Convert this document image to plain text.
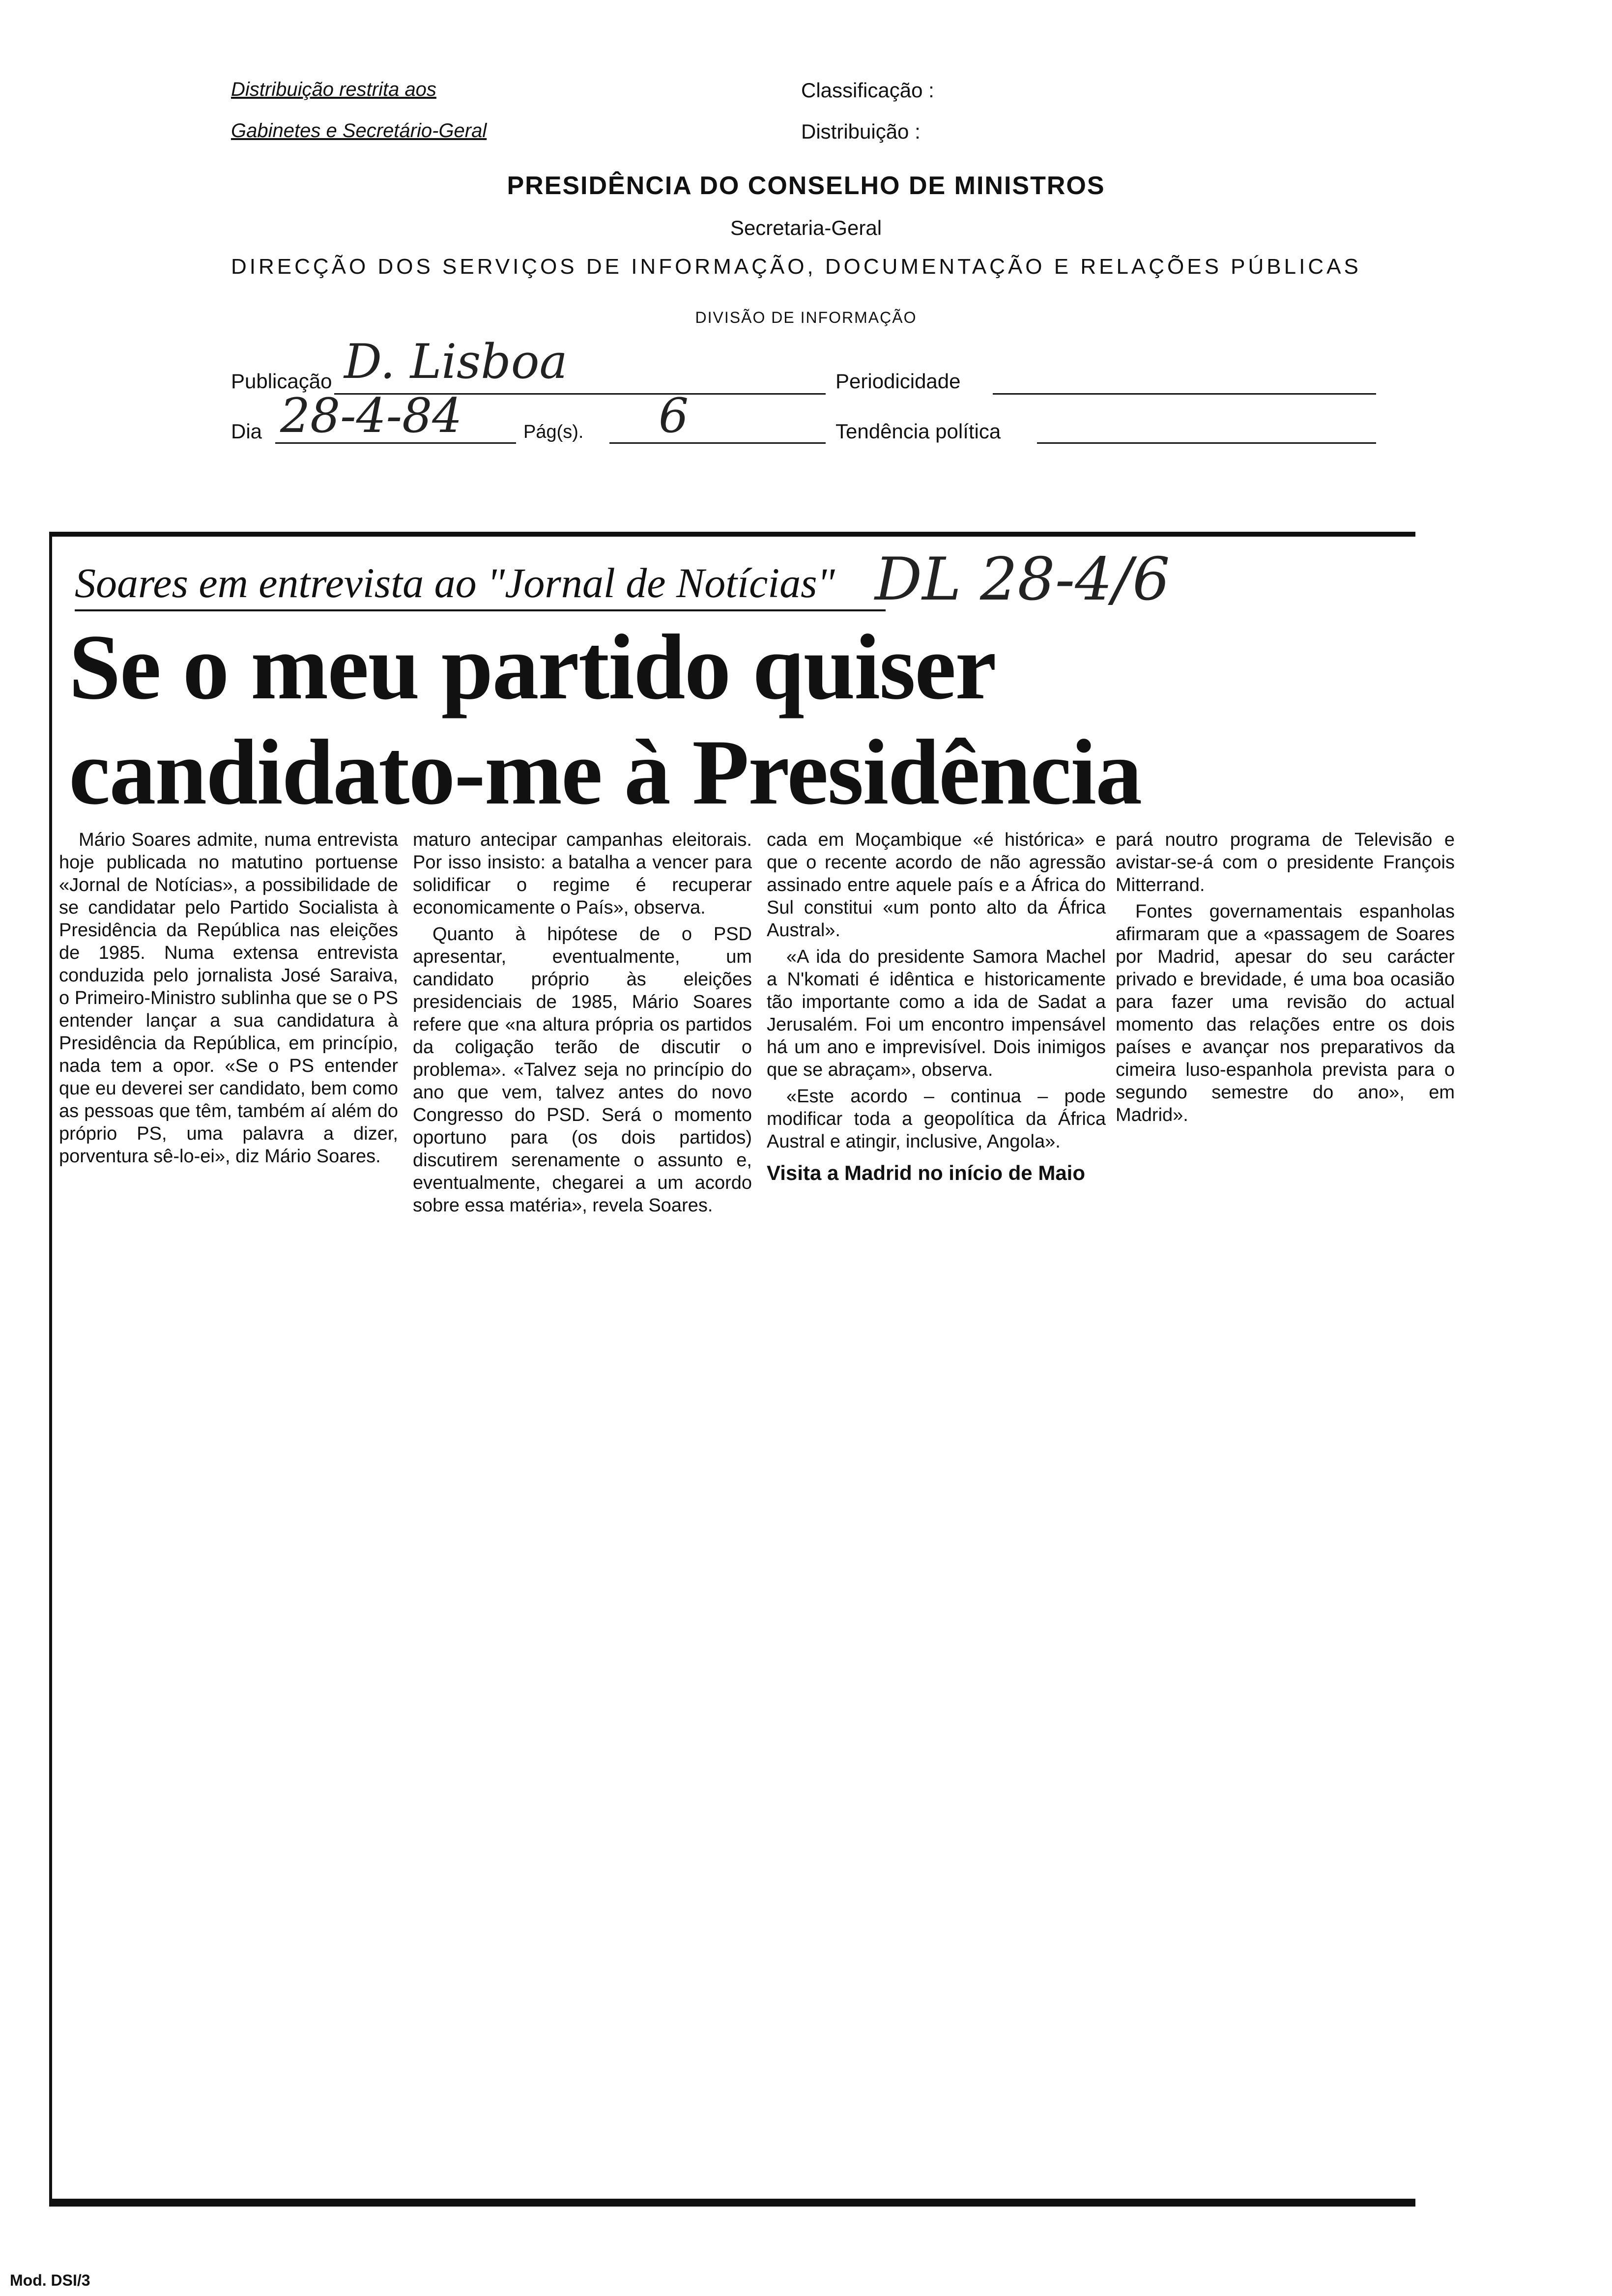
Distribuição restrita aos
Gabinetes e Secretário-Geral
Classificação :
Distribuição :
PRESIDÊNCIA DO CONSELHO DE MINISTROS
Secretaria-Geral
DIRECÇÃO DOS SERVIÇOS DE INFORMAÇÃO, DOCUMENTAÇÃO E RELAÇÕES PÚBLICAS
DIVISÃO DE INFORMAÇÃO
Publicação D. Lisboa	Periodicidade
Dia 28-4-84	Pág(s). 6	Tendência política
Soares em entrevista ao "Jornal de Notícias" DL 28-4/6
Se o meu partido quiser
candidato-me à Presidência

Mário Soares admite, numa entrevista hoje publicada no matutino portuense «Jornal de Notícias», a possibilidade de se candidatar pelo Partido Socialista à Presidência da República nas eleições de 1985. Numa extensa entrevista conduzida pelo jornalista José Saraiva, o Primeiro-Ministro sublinha que se o PS entender lançar a sua candidatura à Presidência da República, em princípio, nada tem a opor. «Se o PS entender que eu deverei ser candidato, bem como as pessoas que têm, também aí além do próprio PS, uma palavra a dizer, porventura sê-lo-ei», diz Mário Soares.

maturo antecipar campanhas eleitorais. Por isso insisto: a batalha a vencer para solidificar o regime é recuperar economicamente o País», observa.

Quanto à hipótese de o PSD apresentar, eventualmente, um candidato próprio às eleições presidenciais de 1985, Mário Soares refere que «na altura própria os partidos da coligação terão de discutir o problema». «Talvez seja no princípio do ano que vem, talvez antes do novo Congresso do PSD. Será o momento oportuno para (os dois partidos) discutirem serenamente o assunto e, eventualmente, chegarei a um acordo sobre essa matéria», revela Soares.

cada em Moçambique «é histórica» e que o recente acordo de não agressão assinado entre aquele país e a África do Sul constitui «um ponto alto da África Austral».

«A ida do presidente Samora Machel a N'komati é idêntica e historicamente tão importante como a ida de Sadat a Jerusalém. Foi um encontro impensável há um ano e imprevisível. Dois inimigos que se abraçam», observa.

«Este acordo – continua – pode modificar toda a geopolítica da África Austral e atingir, inclusive, Angola».

Visita a Madrid no início de Maio

pará noutro programa de Televisão e avistar-se-á com o presidente François Mitterrand.

Fontes governamentais espanholas afirmaram que a «passagem de Soares por Madrid, apesar do seu carácter privado e brevidade, é uma boa ocasião para fazer uma revisão do actual momento das relações entre os dois países e avançar nos preparativos da cimeira luso-espanhola prevista para o segundo semestre do ano», em Madrid».

Mod. DSI/3
